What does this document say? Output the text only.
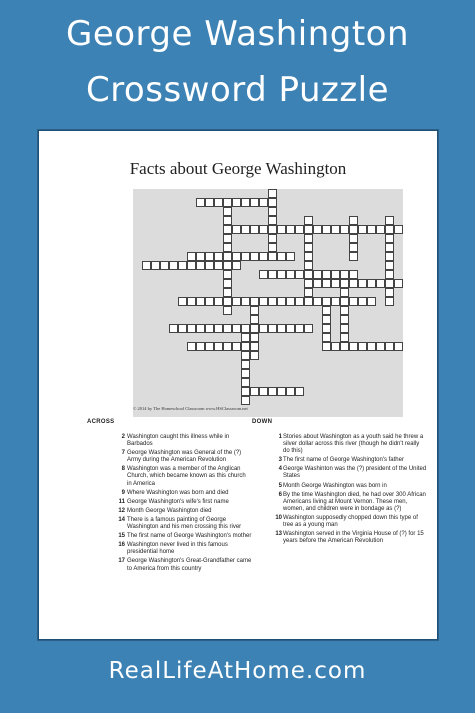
George Washington
Crossword Puzzle
Facts about George Washington
© 2014 by The Homeschool Classroom www.HSClassroom.net
ACROSS
2 Washington caught this illness while in Barbados
7 George Washington was General of the (?) Army during the American Revolution
8 Washington was a member of the Anglican Church, which became known as this church in America
9 Where Washington was born and died
11 George Washington's wife's first name
12 Month George Washington died
14 There is a famous painting of George Washington and his men crossing this river
15 The first name of George Washington's mother
16 Washington never lived in this famous presidential home
17 George Washington's Great-Grandfather came to America from this country
DOWN
1 Stories about Washington as a youth said he threw a silver dollar across this river (though he didn't really do this)
3 The first name of George Washington's father
4 George Washinton was the (?) president of the United States
5 Month George Washington was born in
6 By the time Washington died, he had over 300 African Americans living at Mount Vernon. These men, women, and children were in bondage as (?)
10 Washington supposedly chopped down this type of tree as a young man
13 Washington served in the Virginia House of (?) for 15 years before the American Revolution
RealLifeAtHome.com
